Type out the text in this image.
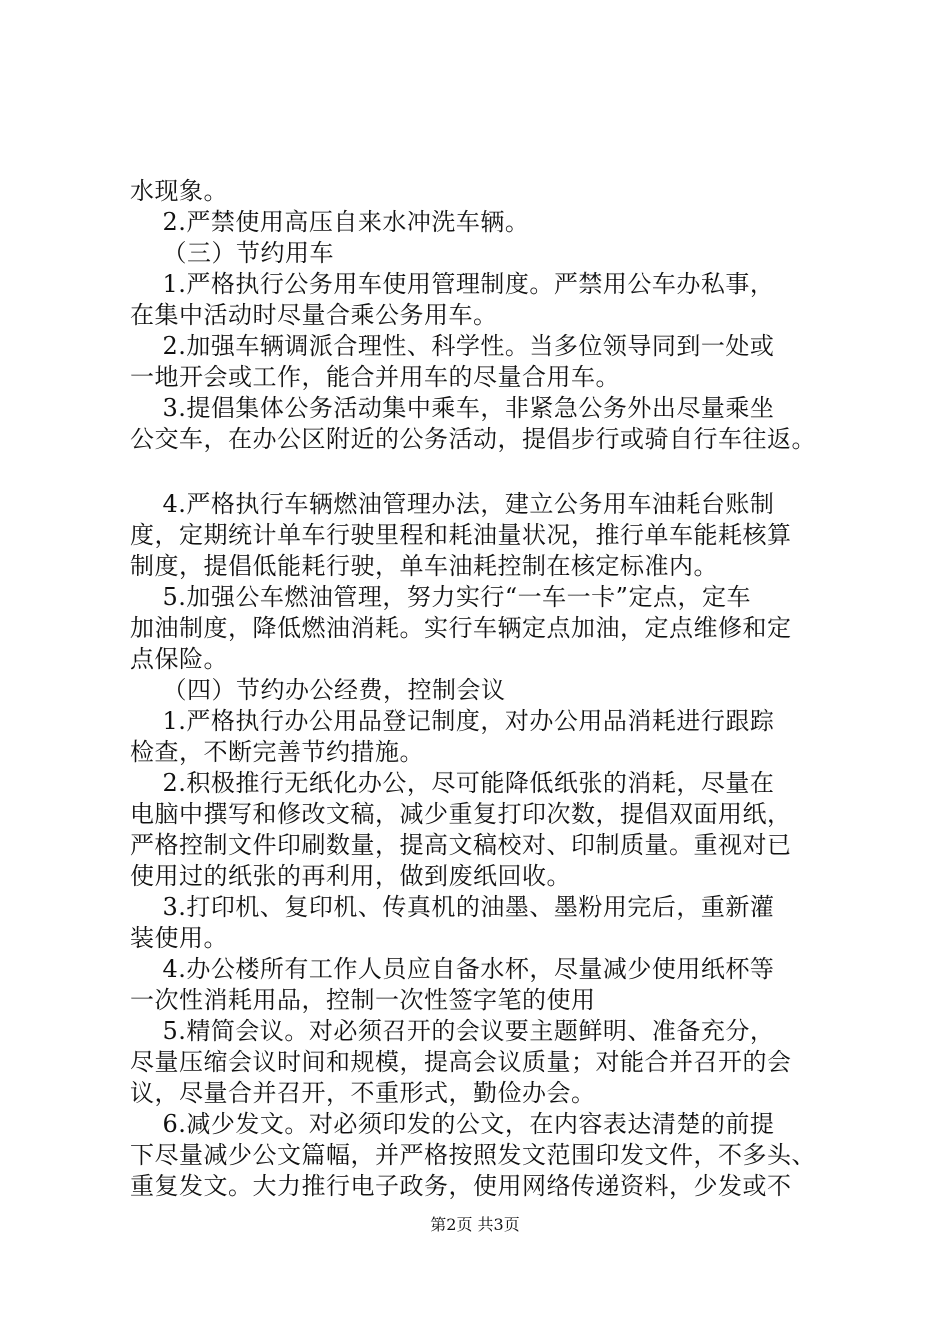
水现象。
2.严禁使用高压自来水冲洗车辆。
（三）节约用车
1.严格执行公务用车使用管理制度。严禁用公车办私事，
在集中活动时尽量合乘公务用车。
2.加强车辆调派合理性、科学性。当多位领导同到一处或
一地开会或工作，能合并用车的尽量合用车。
3.提倡集体公务活动集中乘车，非紧急公务外出尽量乘坐
公交车，在办公区附近的公务活动，提倡步行或骑自行车往返。
4.严格执行车辆燃油管理办法，建立公务用车油耗台账制
度，定期统计单车行驶里程和耗油量状况，推行单车能耗核算
制度，提倡低能耗行驶，单车油耗控制在核定标准内。
5.加强公车燃油管理，努力实行“一车一卡”定点，定车
加油制度，降低燃油消耗。实行车辆定点加油，定点维修和定
点保险。
（四）节约办公经费，控制会议
1.严格执行办公用品登记制度，对办公用品消耗进行跟踪
检查，不断完善节约措施。
2.积极推行无纸化办公，尽可能降低纸张的消耗，尽量在
电脑中撰写和修改文稿，减少重复打印次数，提倡双面用纸，
严格控制文件印刷数量，提高文稿校对、印制质量。重视对已
使用过的纸张的再利用，做到废纸回收。
3.打印机、复印机、传真机的油墨、墨粉用完后，重新灌
装使用。
4.办公楼所有工作人员应自备水杯，尽量减少使用纸杯等
一次性消耗用品，控制一次性签字笔的使用
5.精简会议。对必须召开的会议要主题鲜明、准备充分，
尽量压缩会议时间和规模，提高会议质量；对能合并召开的会
议，尽量合并召开，不重形式，勤俭办会。
6.减少发文。对必须印发的公文，在内容表达清楚的前提
下尽量减少公文篇幅，并严格按照发文范围印发文件，不多头、
重复发文。大力推行电子政务，使用网络传递资料，少发或不
第2页 共3页
